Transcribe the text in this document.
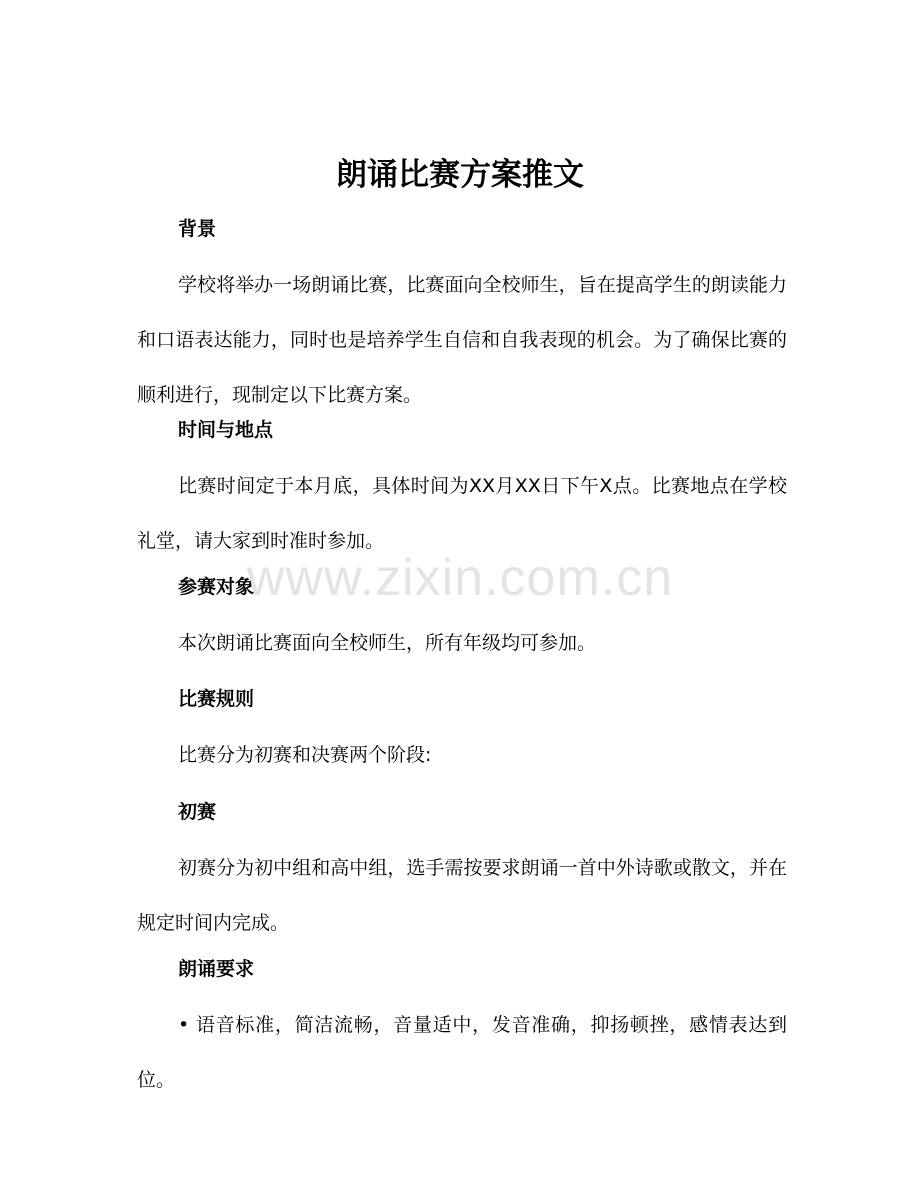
朗诵比赛方案推文
背景

学校将举办一场朗诵比赛，比赛面向全校师生，旨在提高学生的朗读能力和口语表达能力，同时也是培养学生自信和自我表现的机会。为了确保比赛的顺利进行，现制定以下比赛方案。

时间与地点

比赛时间定于本月底，具体时间为XX月XX日下午X点。比赛地点在学校礼堂，请大家到时准时参加。

参赛对象

本次朗诵比赛面向全校师生，所有年级均可参加。

比赛规则

比赛分为初赛和决赛两个阶段:

初赛

初赛分为初中组和高中组，选手需按要求朗诵一首中外诗歌或散文，并在规定时间内完成。

朗诵要求

• 语音标准，简洁流畅，音量适中，发音准确，抑扬顿挫，感情表达到位。

www.zixin.com.cn
